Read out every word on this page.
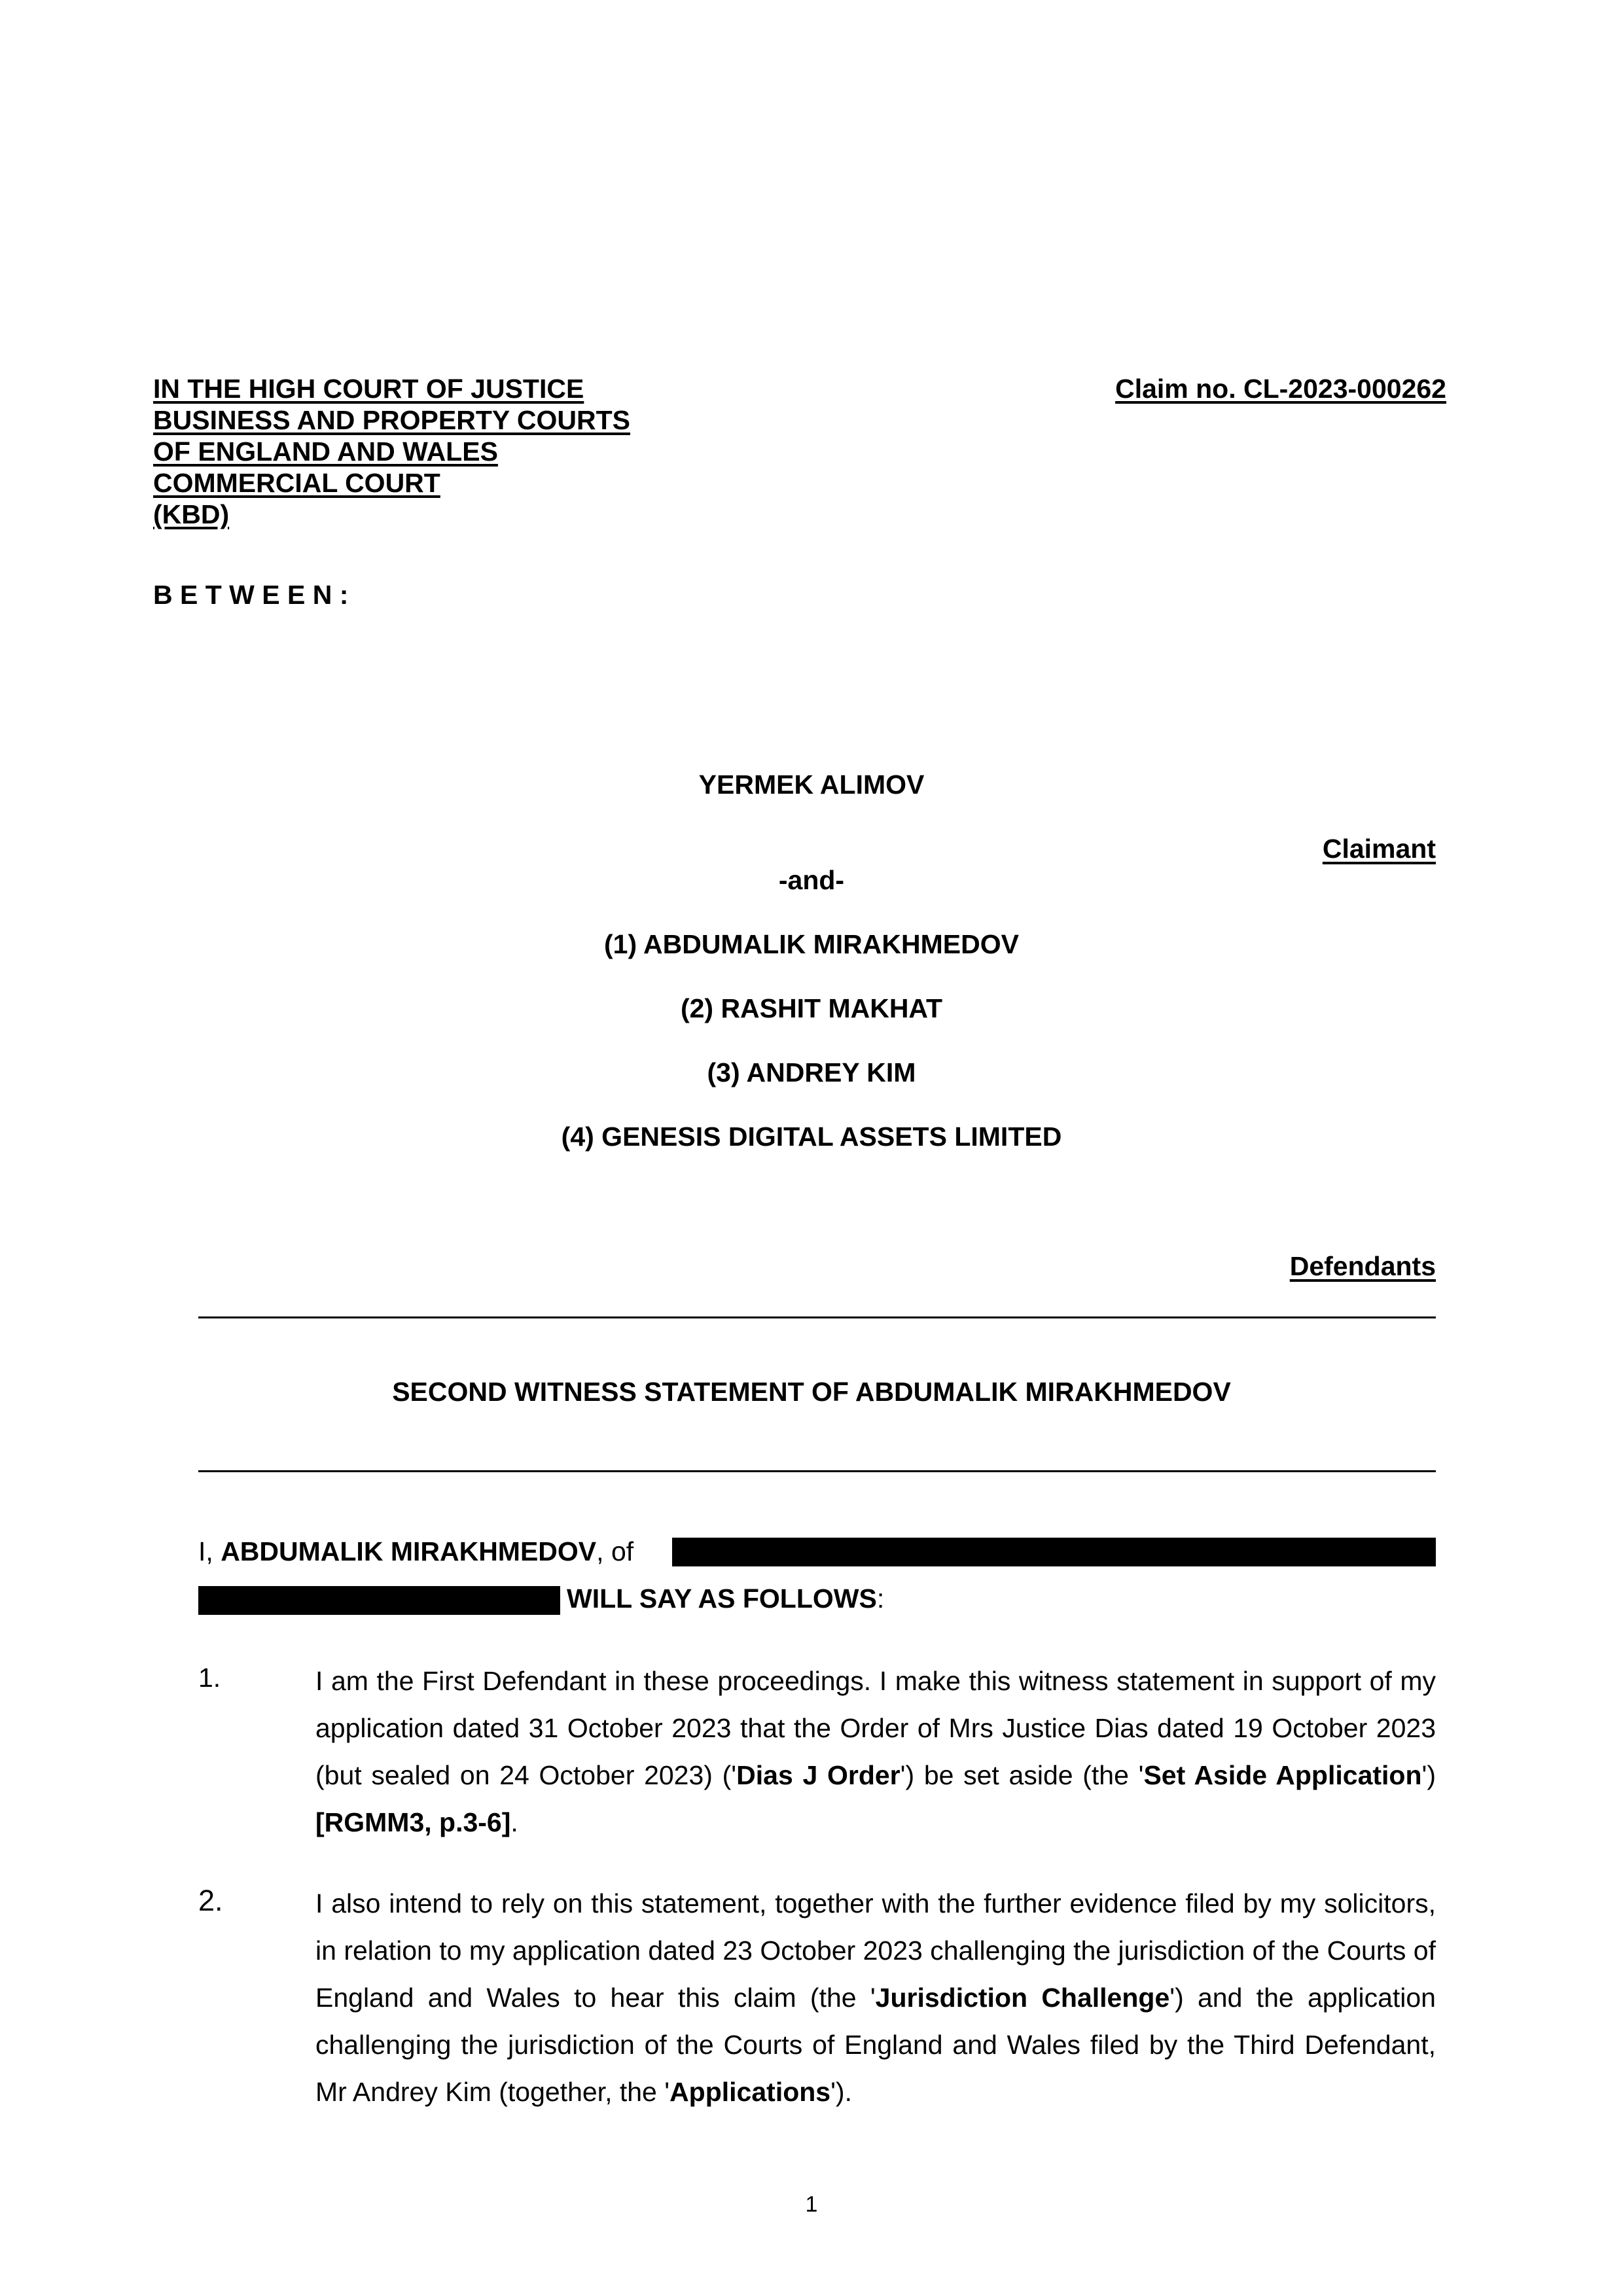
IN THE HIGH COURT OF JUSTICE
BUSINESS AND PROPERTY COURTS
OF ENGLAND AND WALES
COMMERCIAL COURT
(KBD)
Claim no. CL-2023-000262
B E T W E E N :
YERMEK ALIMOV
Claimant
-and-
(1) ABDUMALIK MIRAKHMEDOV
(2) RASHIT MAKHAT
(3) ANDREY KIM
(4) GENESIS DIGITAL ASSETS LIMITED
Defendants
SECOND WITNESS STATEMENT OF ABDUMALIK MIRAKHMEDOV
I, ABDUMALIK MIRAKHMEDOV, of
WILL SAY AS FOLLOWS:
1.	I am the First Defendant in these proceedings. I make this witness statement in support of my application dated 31 October 2023 that the Order of Mrs Justice Dias dated 19 October 2023 (but sealed on 24 October 2023) ('Dias J Order') be set aside (the 'Set Aside Application') [RGMM3, p.3-6].
2.	I also intend to rely on this statement, together with the further evidence filed by my solicitors, in relation to my application dated 23 October 2023 challenging the jurisdiction of the Courts of England and Wales to hear this claim (the 'Jurisdiction Challenge') and the application challenging the jurisdiction of the Courts of England and Wales filed by the Third Defendant, Mr Andrey Kim (together, the 'Applications').
1
